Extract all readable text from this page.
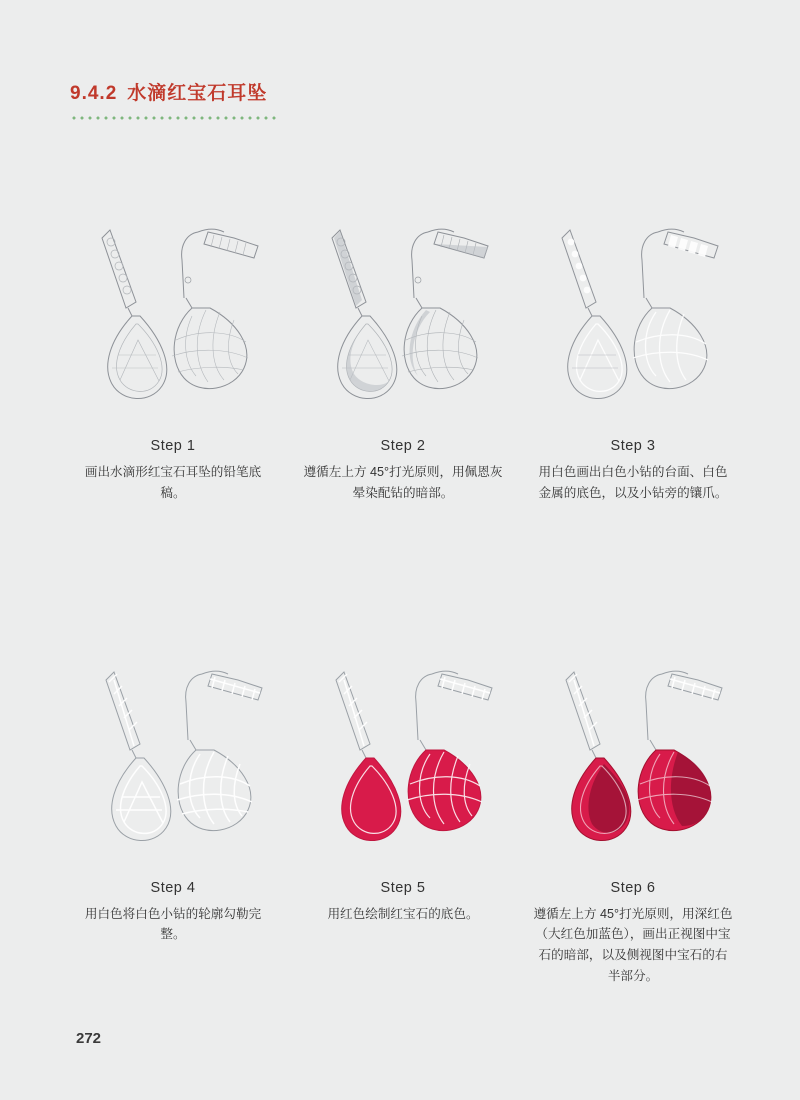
9.4.2 水滴红宝石耳坠
Step 1
画出水滴形红宝石耳坠的铅笔底稿。
Step 2
遵循左上方 45°打光原则，用佩恩灰晕染配钻的暗部。
Step 3
用白色画出白色小钻的台面、白色金属的底色，以及小钻旁的镶爪。
Step 4
用白色将白色小钻的轮廓勾勒完整。
Step 5
用红色绘制红宝石的底色。
Step 6
遵循左上方 45°打光原则，用深红色（大红色加蓝色），画出正视图中宝石的暗部，以及侧视图中宝石的右半部分。
272
